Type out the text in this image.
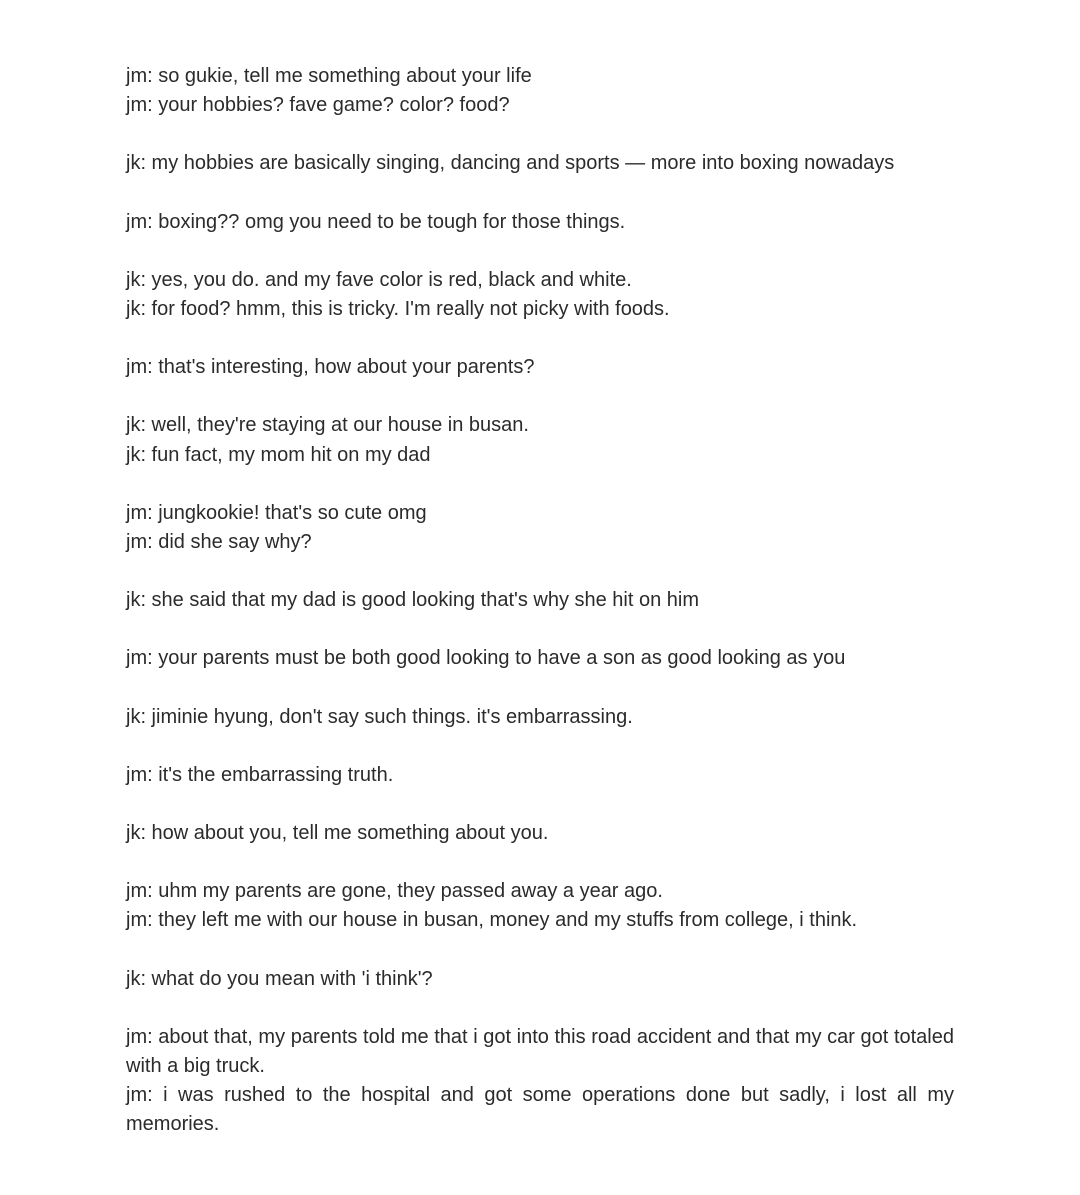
jm: so gukie, tell me something about your life

jm: your hobbies? fave game? color? food?

jk: my hobbies are basically singing, dancing and sports — more into boxing nowadays

jm: boxing?? omg you need to be tough for those things.

jk: yes, you do. and my fave color is red, black and white.

jk: for food? hmm, this is tricky. I'm really not picky with foods.

jm: that's interesting, how about your parents?

jk: well, they're staying at our house in busan.

jk: fun fact, my mom hit on my dad

jm: jungkookie! that's so cute omg

jm: did she say why?

jk: she said that my dad is good looking that's why she hit on him

jm: your parents must be both good looking to have a son as good looking as you

jk: jiminie hyung, don't say such things. it's embarrassing.

jm: it's the embarrassing truth.

jk: how about you, tell me something about you.

jm: uhm my parents are gone, they passed away a year ago.

jm: they left me with our house in busan, money and my stuffs from college, i think.

jk: what do you mean with 'i think'?

jm: about that, my parents told me that i got into this road accident and that my car got totaled with a big truck.

jm: i was rushed to the hospital and got some operations done but sadly, i lost all my memories.
